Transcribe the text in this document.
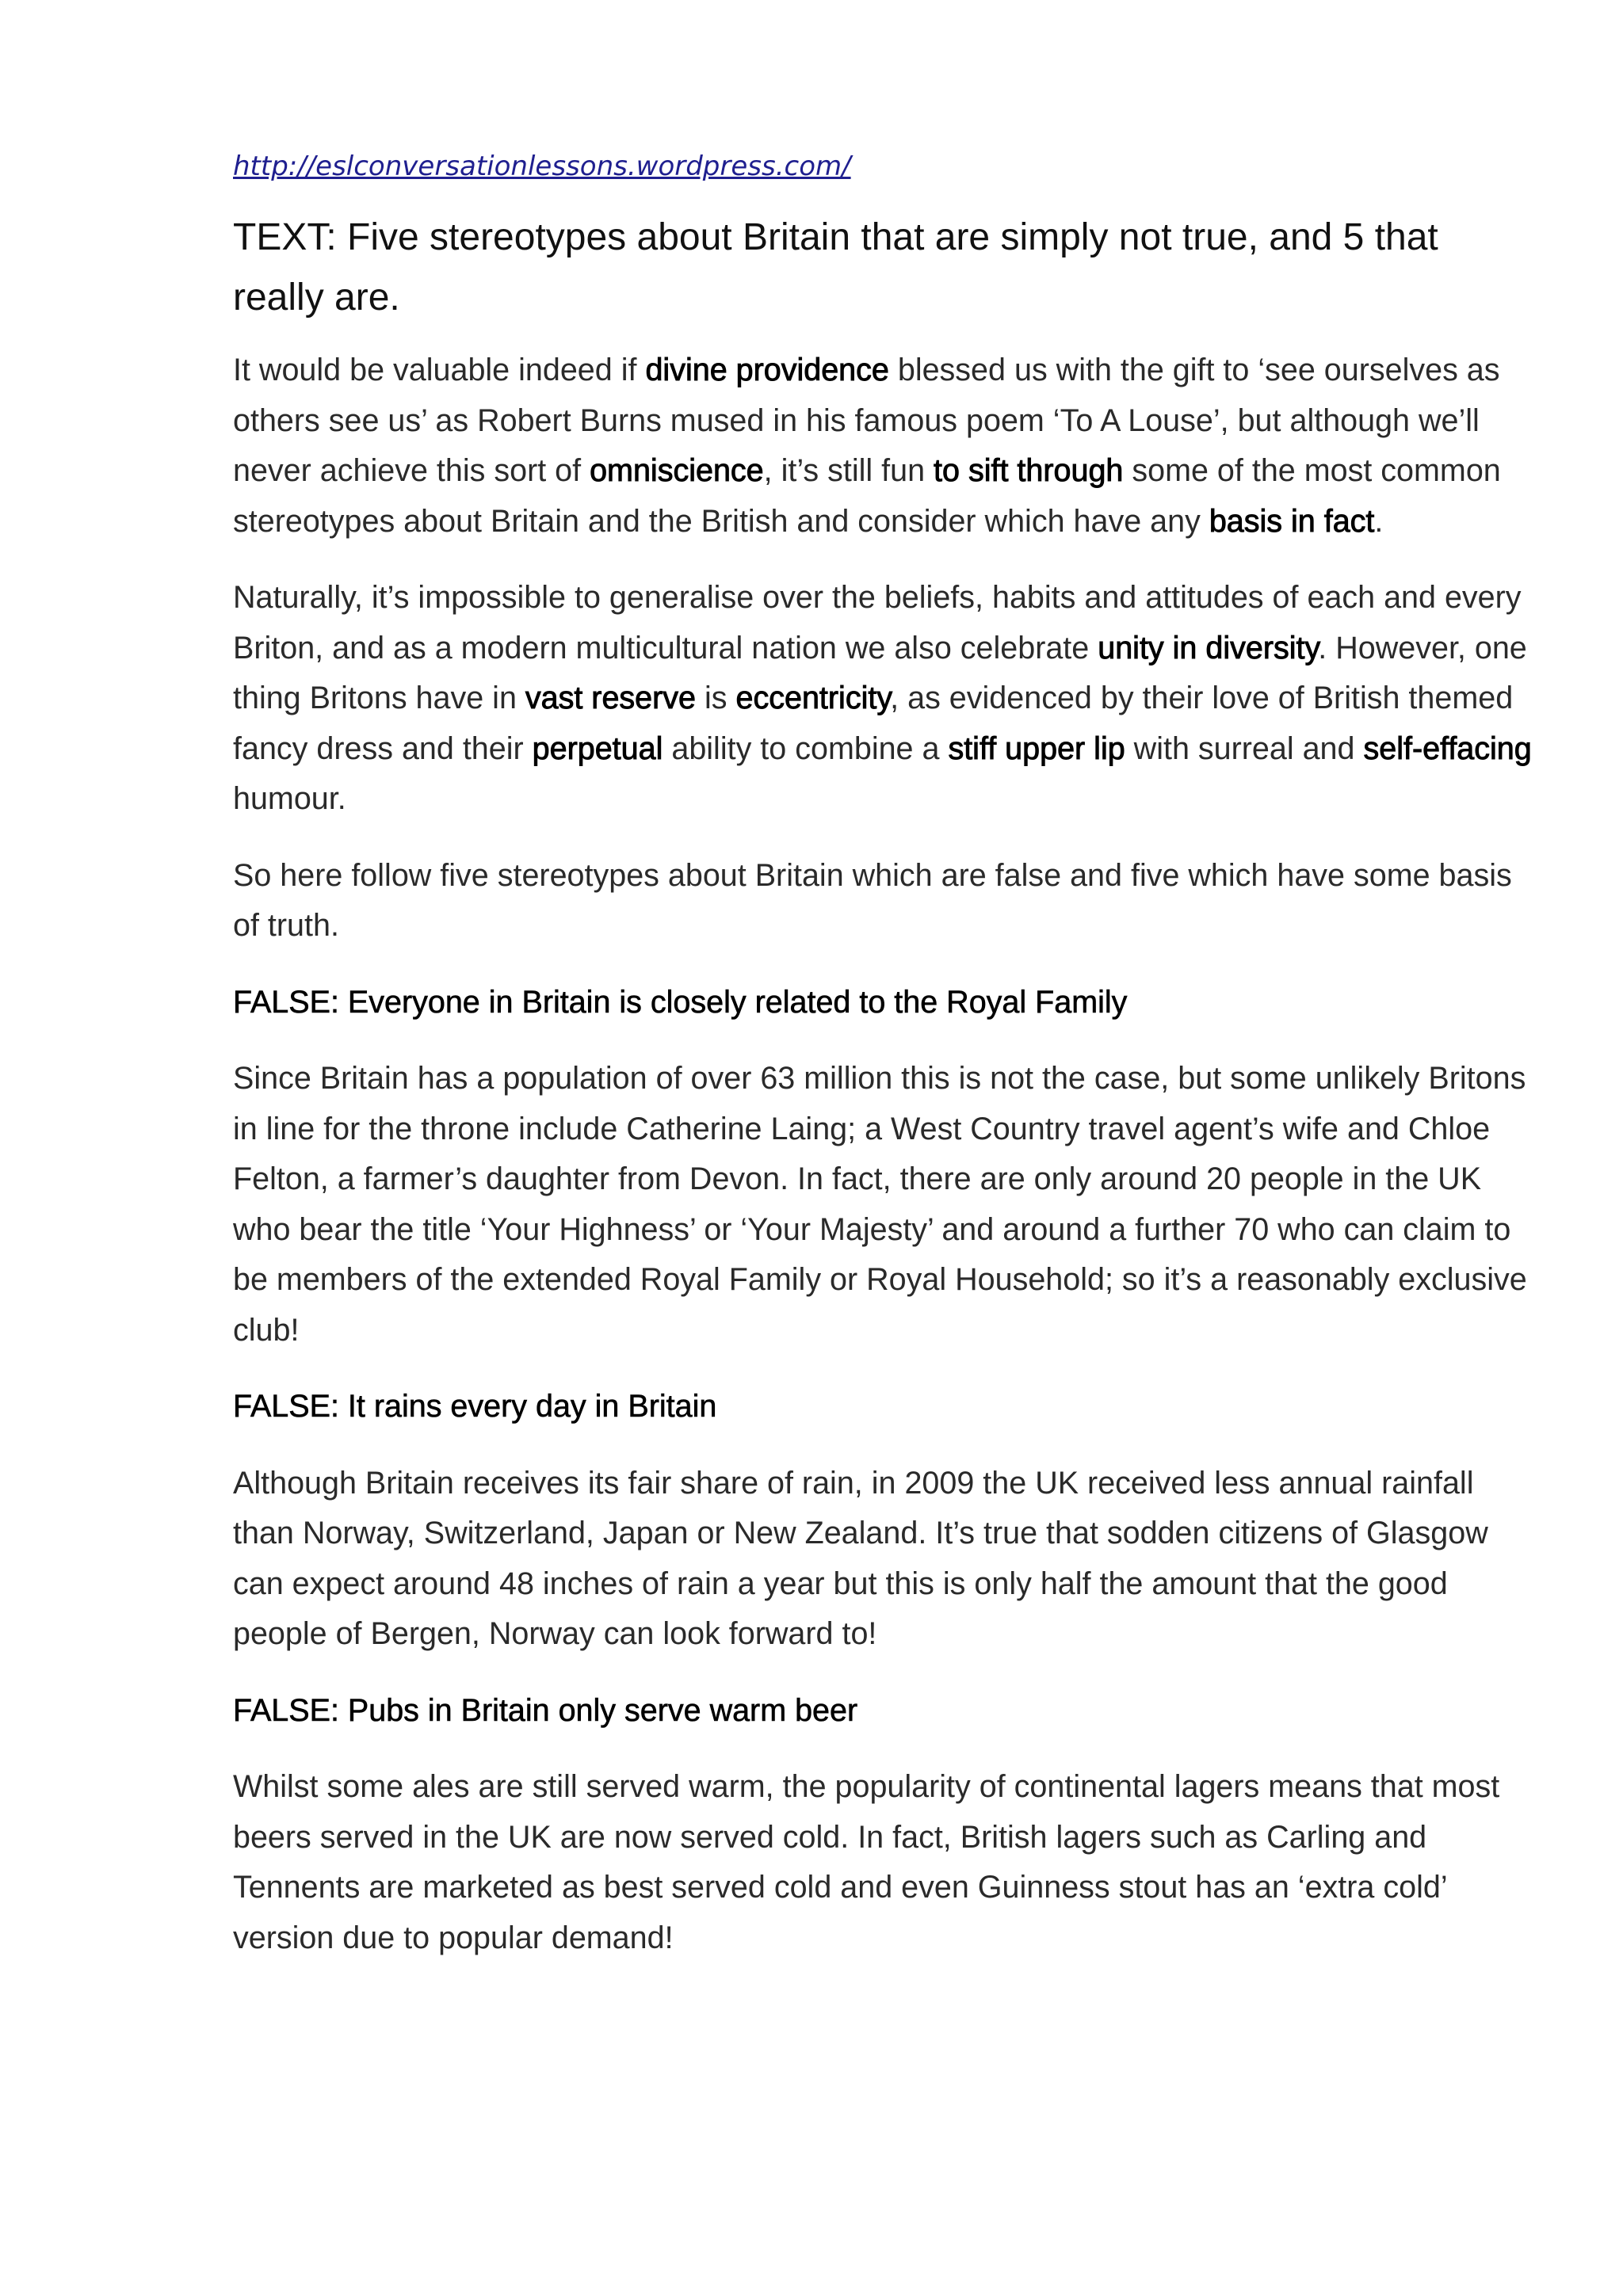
http://eslconversationlessons.wordpress.com/
TEXT: Five stereotypes about Britain that are simply not true, and 5 that really are.

It would be valuable indeed if divine providence blessed us with the gift to ‘see ourselves as others see us’ as Robert Burns mused in his famous poem ‘To A Louse’, but although we’ll never achieve this sort of omniscience, it’s still fun to sift through some of the most common stereotypes about Britain and the British and consider which have any basis in fact.

Naturally, it’s impossible to generalise over the beliefs, habits and attitudes of each and every Briton, and as a modern multicultural nation we also celebrate unity in diversity. However, one thing Britons have in vast reserve is eccentricity, as evidenced by their love of British themed fancy dress and their perpetual ability to combine a stiff upper lip with surreal and self-effacing humour.

So here follow five stereotypes about Britain which are false and five which have some basis of truth.

FALSE: Everyone in Britain is closely related to the Royal Family

Since Britain has a population of over 63 million this is not the case, but some unlikely Britons in line for the throne include Catherine Laing; a West Country travel agent’s wife and Chloe Felton, a farmer’s daughter from Devon. In fact, there are only around 20 people in the UK who bear the title ‘Your Highness’ or ‘Your Majesty’ and around a further 70 who can claim to be members of the extended Royal Family or Royal Household; so it’s a reasonably exclusive club!

FALSE: It rains every day in Britain

Although Britain receives its fair share of rain, in 2009 the UK received less annual rainfall than Norway, Switzerland, Japan or New Zealand. It’s true that sodden citizens of Glasgow can expect around 48 inches of rain a year but this is only half the amount that the good people of Bergen, Norway can look forward to!

FALSE: Pubs in Britain only serve warm beer

Whilst some ales are still served warm, the popularity of continental lagers means that most beers served in the UK are now served cold. In fact, British lagers such as Carling and Tennents are marketed as best served cold and even Guinness stout has an ‘extra cold’ version due to popular demand!
